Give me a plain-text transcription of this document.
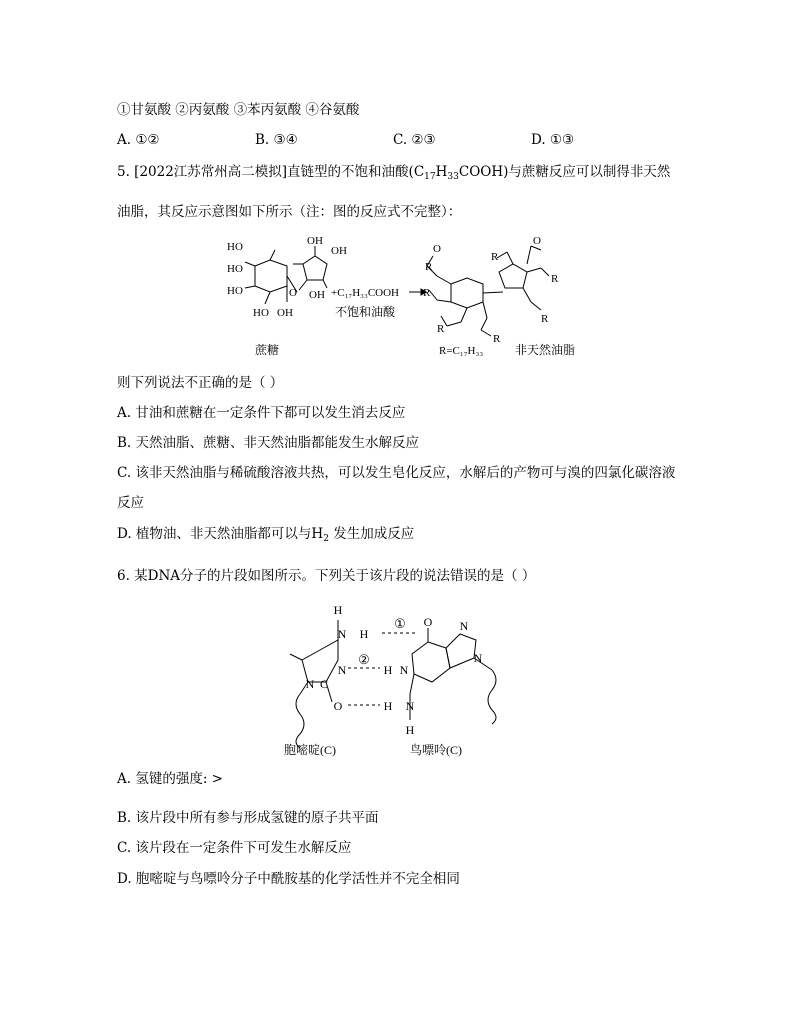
①甘氨酸 ②丙氨酸 ③苯丙氨酸 ④谷氨酸
A. ①②	B. ③④	C. ②③	D. ①③
5. [2022江苏常州高二模拟]直链型的不饱和油酸$(C_{17}H_{33}COOH)$与蔗糖反应可以制得非天然
油脂，其反应示意图如下所示（注：图的反应式不完整）：
HO
HO
HO OH
HO	OH
OH
O OH +C₁₇H₃₃COOH
不饱和油酸
蔗糖
R
R
R
R
R
R
R
O
O
R=C₁₇H₃₃	非天然油脂
则下列说法不正确的是（ ）
A. 甘油和蔗糖在一定条件下都可以发生消去反应
B. 天然油脂、蔗糖、非天然油脂都能发生水解反应
C. 该非天然油脂与稀硫酸溶液共热，可以发生皂化反应，水解后的产物可与溴的四氯化碳溶液
反应
D. 植物油、非天然油脂都可以与$H_2$ 发生加成反应
6. 某DNA分子的片段如图所示。下列关于该片段的说法错误的是（ ）
H
N H
O N
N
N	H N
N C
O	H N
H
①
②
胞嘧啶(C)	鸟嘌呤(C)
A. 氢键的强度: >
B. 该片段中所有参与形成氢键的原子共平面
C. 该片段在一定条件下可发生水解反应
D. 胞嘧啶与鸟嘌呤分子中酰胺基的化学活性并不完全相同
